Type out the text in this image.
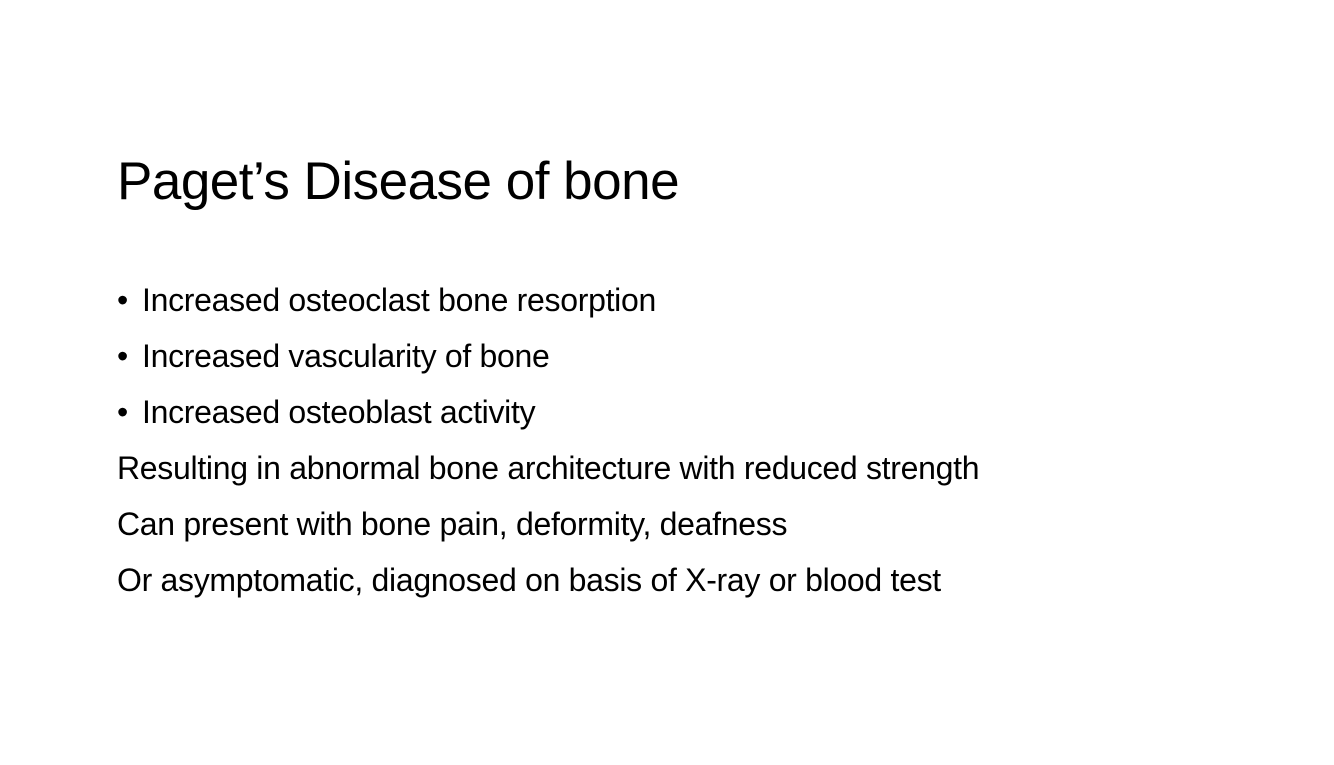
Paget’s Disease of bone
• Increased osteoclast bone resorption
• Increased vascularity of bone
• Increased osteoblast activity
Resulting in abnormal bone architecture with reduced strength
Can present with bone pain, deformity, deafness
Or asymptomatic, diagnosed on basis of X-ray or blood test
